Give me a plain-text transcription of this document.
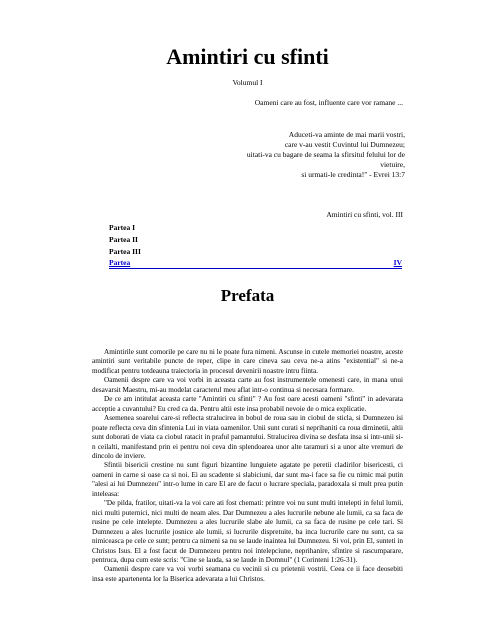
Amintiri cu sfinti
Volumul I
Oameni care au fost, influente care vor ramane ...
Aduceti-va aminte de mai marii vostri,
care v-au vestit Cuvintul lui Dumnezeu;
uitati-va cu bagare de seama la sfirsitul felului lor de
vietuire,
si urmati-le credinta!" - Evrei 13:7
Amintiri cu sfinti, vol. III
Partea I
Partea II
Partea III
Partea	IV
Prefata

Amintirile sunt comorile pe care nu ni le poate fura nimeni. Ascunse in cutele memoriei noastre, aceste amintiri sunt veritabile puncte de reper, clipe in care cineva sau ceva ne-a atins "existential" si ne-a modificat pentru totdeauna traiectoria in procesul devenirii noastre intru fiinta.

Oamenii despre care va voi vorbi in aceasta carte au fost instrumentele omenesti care, in mana unui desavarsit Maestru, mi-au modelat caracterul meu aflat intr-o continua si necesara formare.

De ce am intitulat aceasta carte "Amintiri cu sfinti" ? Au fost oare acesti oameni "sfinti" in adevarata acceptie a cuvantului? Eu cred ca da. Pentru altii este insa probabil nevoie de o mica explicatie.

Asemenea soarelui care-si reflecta stralucirea in bobul de roua sau in ciobul de sticla, si Dumnezeu isi poate reflecta ceva din sfintenia Lui in viata oamenilor. Unii sunt curati si neprihaniti ca roua diminetii, altii sunt doborati de viata ca ciobul ratacit in praful pamantului. Stralucirea divina se desfata insa si intr-unii si-n ceilalti, manifestand prin ei pentru noi ceva din splendoarea unor alte taramuri si a unor alte vremuri de dincolo de inviere.

Sfintii bisericii crestine nu sunt figuri bizantine lunguiete agatate pe peretii cladirilor bisericesti, ci oameni in carne si oase ca si noi. Ei au scadente si slabiciuni, dar sunt ma-i face sa fie cu nimic mai putin "alesi ai lui Dumnezeu" intr-o lume in care El are de facut o lucrare speciala, paradoxala si mult prea putin inteleasa:

"De pilda, fratilor, uitati-va la voi care ati fost chemati: printre voi nu sunt multi intelepti in felul lumii, nici multi puternici, nici multi de neam ales. Dar Dumnezeu a ales lucrurile nebune ale lumii, ca sa faca de rusine pe cele intelepte. Dumnezeu a ales lucrurile slabe ale lumii, ca sa faca de rusine pe cele tari. Si Dumnezeu a ales lucrurile josnice ale lumii, si lucrurile dispretuite, ba inca lucrurile care nu sunt, ca sa nimiceasca pe cele ce sunt; pentru ca nimeni sa nu se laude inaintea lui Dumnezeu. Si voi, prin El, sunteti in Christos Isus. El a fost facut de Dumnezeu pentru noi intelepciune, neprihanire, sfintire si rascumparare, pentruca, dupa cum este scris: "Cine se lauda, sa se laude in Domnul" (1 Corinteni 1:26-31).

Oamenii despre care va voi vorbi seamana cu vecinii si cu prietenii vostrii. Ceea ce ii face deosebiti insa este apartenenta lor la Biserica adevarata a lui Christos.
